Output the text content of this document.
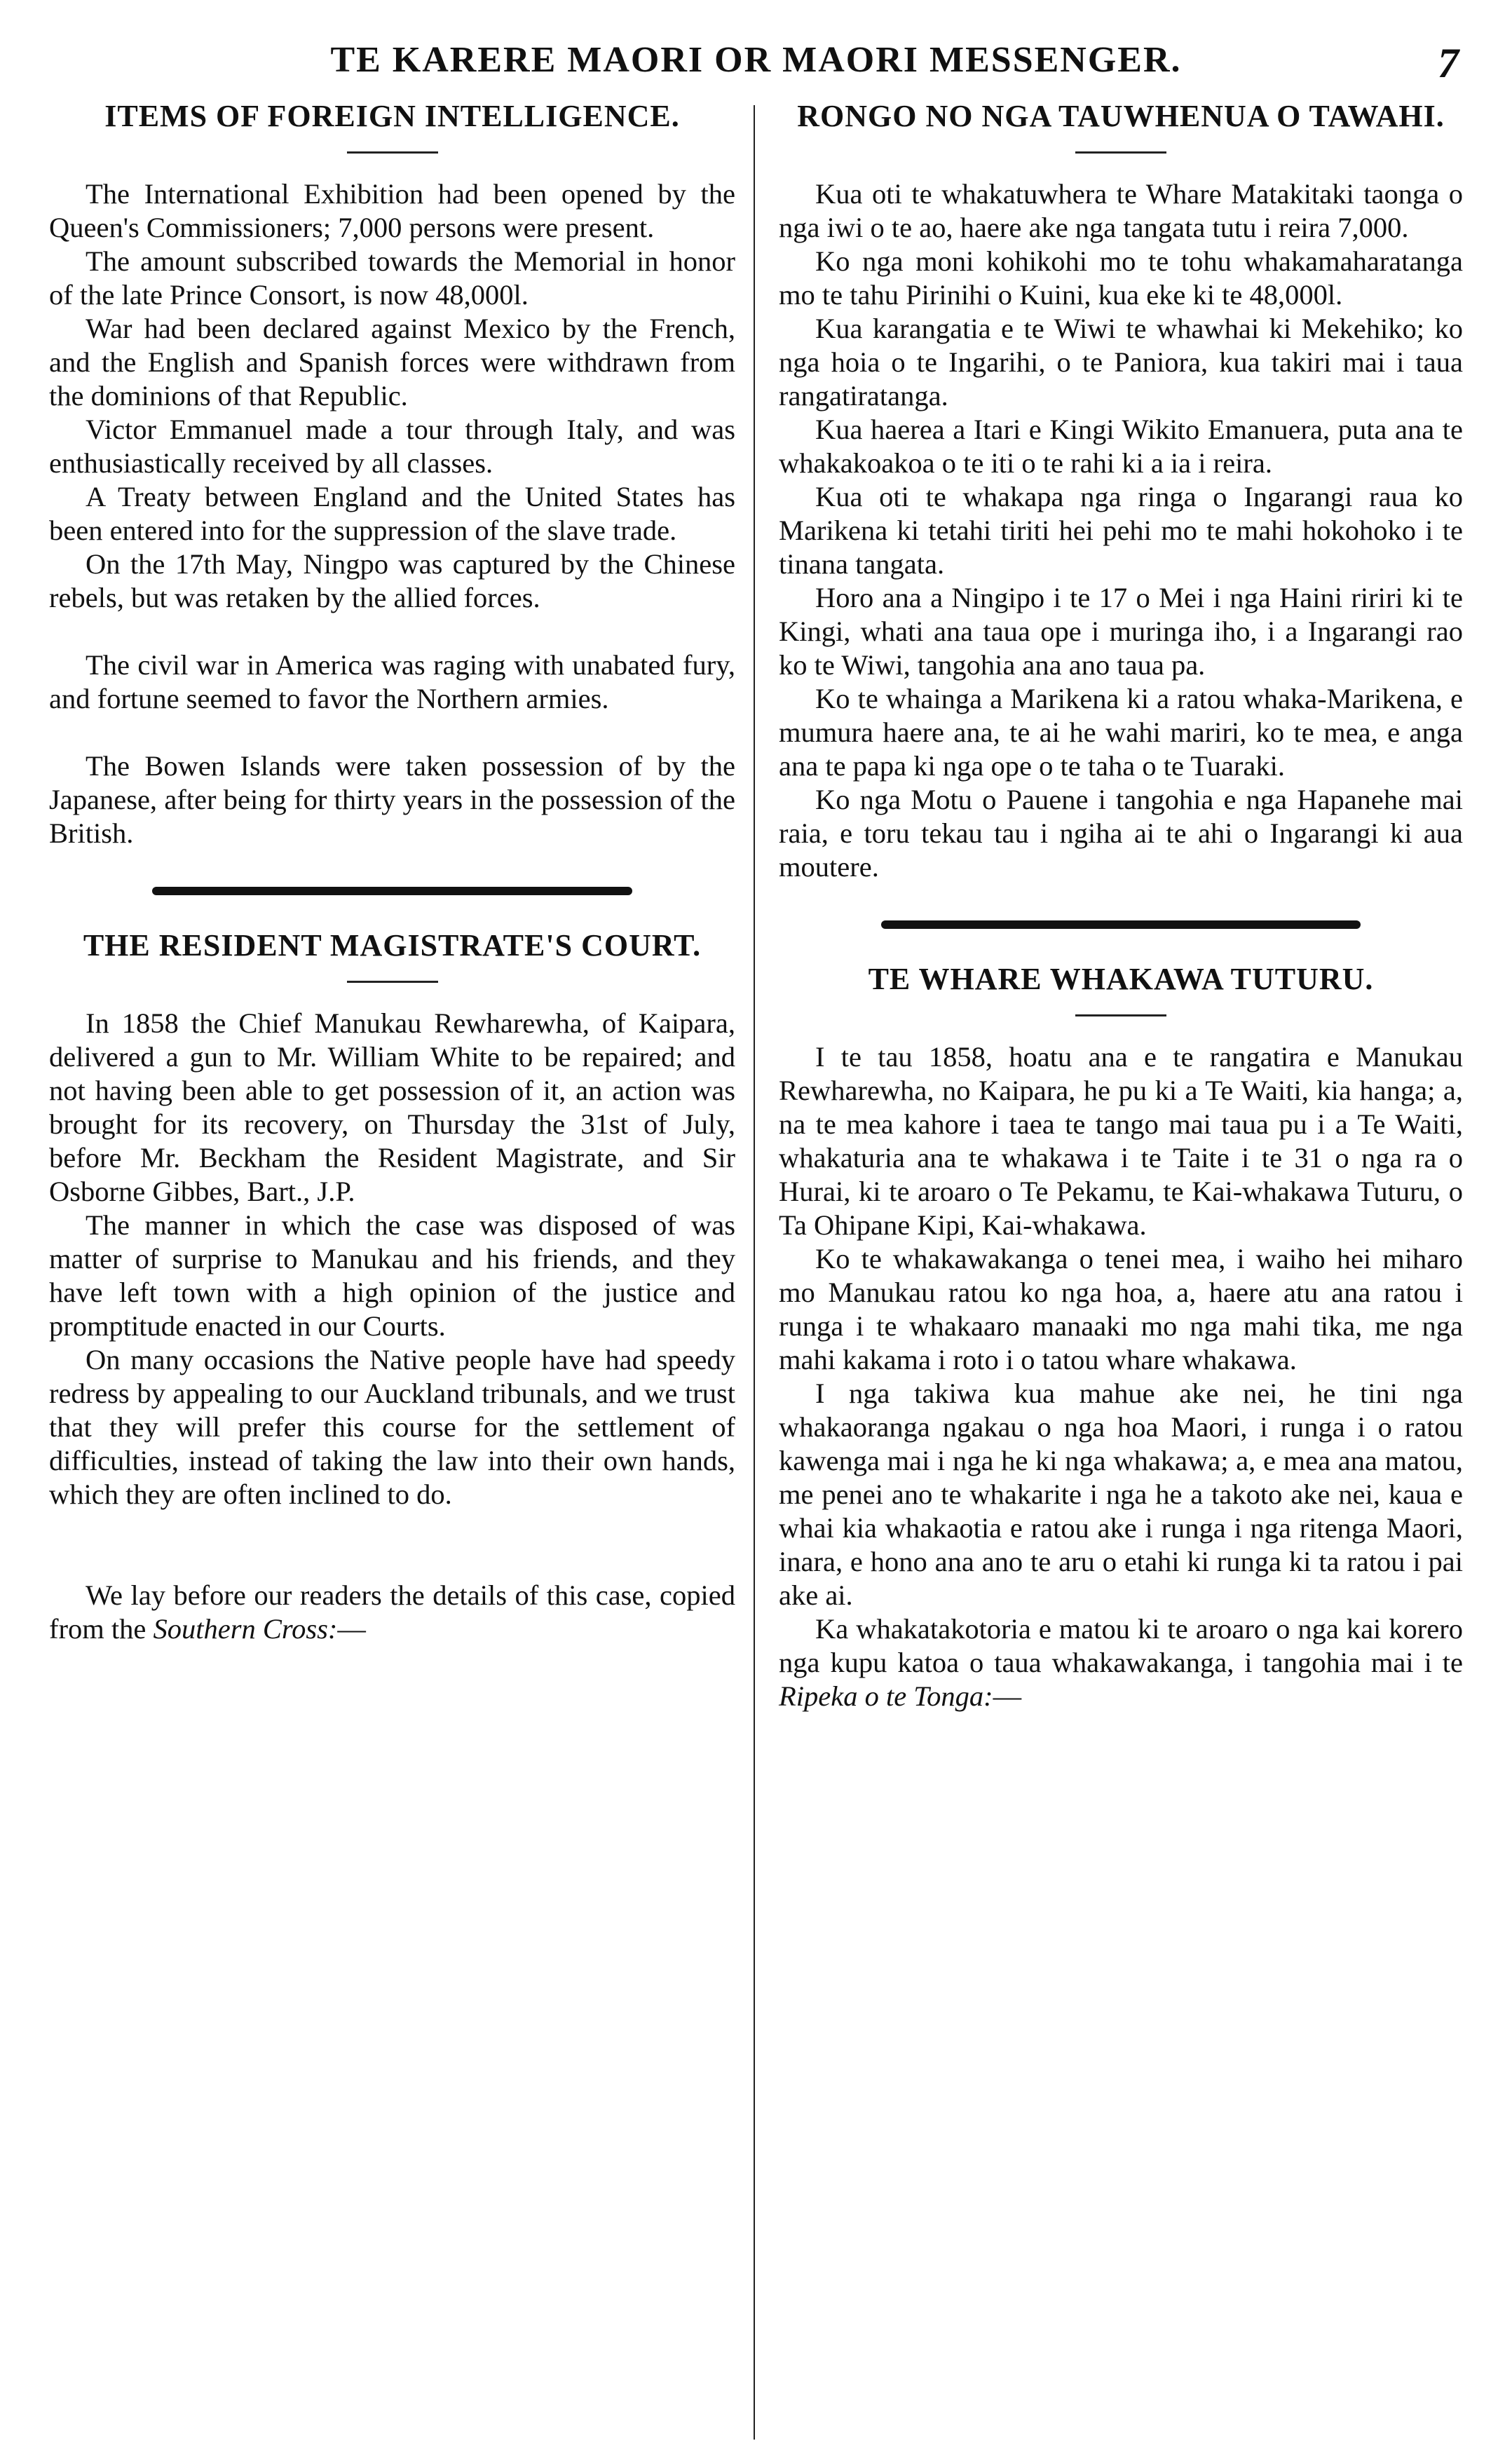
TE KARERE MAORI OR MAORI MESSENGER.	7
ITEMS OF FOREIGN INTELLIGENCE.

The International Exhibition had been opened by the Queen's Commissioners; 7,000 persons were present.

The amount subscribed towards the Memorial in honor of the late Prince Consort, is now 48,000l.

War had been declared against Mexico by the French, and the English and Spanish forces were withdrawn from the dominions of that Republic.

Victor Emmanuel made a tour through Italy, and was enthusiastically received by all classes.

A Treaty between England and the United States has been entered into for the suppression of the slave trade.

On the 17th May, Ningpo was captured by the Chinese rebels, but was retaken by the allied forces.

The civil war in America was raging with unabated fury, and fortune seemed to favor the Northern armies.

The Bowen Islands were taken possession of by the Japanese, after being for thirty years in the possession of the British.

THE RESIDENT MAGISTRATE'S COURT.

In 1858 the Chief Manukau Rewharewha, of Kaipara, delivered a gun to Mr. William White to be repaired; and not having been able to get possession of it, an action was brought for its recovery, on Thursday the 31st of July, before Mr. Beckham the Resident Magistrate, and Sir Osborne Gibbes, Bart., J.P.

The manner in which the case was disposed of was matter of surprise to Manukau and his friends, and they have left town with a high opinion of the justice and promptitude enacted in our Courts.

On many occasions the Native people have had speedy redress by appealing to our Auckland tribunals, and we trust that they will prefer this course for the settlement of difficulties, instead of taking the law into their own hands, which they are often inclined to do.

We lay before our readers the details of this case, copied from the Southern Cross:—

RONGO NO NGA TAUWHENUA O TAWAHI.

Kua oti te whakatuwhera te Whare Matakitaki taonga o nga iwi o te ao, haere ake nga tangata tutu i reira 7,000.

Ko nga moni kohikohi mo te tohu whakamaharatanga mo te tahu Pirinihi o Kuini, kua eke ki te 48,000l.

Kua karangatia e te Wiwi te whawhai ki Mekehiko; ko nga hoia o te Ingarihi, o te Paniora, kua takiri mai i taua rangatiratanga.

Kua haerea a Itari e Kingi Wikito Emanuera, puta ana te whakakoakoa o te iti o te rahi ki a ia i reira.

Kua oti te whakapa nga ringa o Ingarangi raua ko Marikena ki tetahi tiriti hei pehi mo te mahi hokohoko i te tinana tangata.

Horo ana a Ningipo i te 17 o Mei i nga Haini ririri ki te Kingi, whati ana taua ope i muringa iho, i a Ingarangi rao ko te Wiwi, tangohia ana ano taua pa.

Ko te whainga a Marikena ki a ratou whaka-Marikena, e mumura haere ana, te ai he wahi mariri, ko te mea, e anga ana te papa ki nga ope o te taha o te Tuaraki.

Ko nga Motu o Pauene i tangohia e nga Hapanehe mai raia, e toru tekau tau i ngiha ai te ahi o Ingarangi ki aua moutere.

TE WHARE WHAKAWA TUTURU.

I te tau 1858, hoatu ana e te rangatira e Manukau Rewharewha, no Kaipara, he pu ki a Te Waiti, kia hanga; a, na te mea kahore i taea te tango mai taua pu i a Te Waiti, whakaturia ana te whakawa i te Taite i te 31 o nga ra o Hurai, ki te aroaro o Te Pekamu, te Kai-whakawa Tuturu, o Ta Ohipane Kipi, Kai-whakawa.

Ko te whakawakanga o tenei mea, i waiho hei miharo mo Manukau ratou ko nga hoa, a, haere atu ana ratou i runga i te whakaaro manaaki mo nga mahi tika, me nga mahi kakama i roto i o tatou whare whakawa.

I nga takiwa kua mahue ake nei, he tini nga whakaoranga ngakau o nga hoa Maori, i runga i o ratou kawenga mai i nga he ki nga whakawa; a, e mea ana matou, me penei ano te whakarite i nga he a takoto ake nei, kaua e whai kia whakaotia e ratou ake i runga i nga ritenga Maori, inara, e hono ana ano te aru o etahi ki runga ki ta ratou i pai ake ai.

Ka whakatakotoria e matou ki te aroaro o nga kai korero nga kupu katoa o taua whakawakanga, i tangohia mai i te Ripeka o te Tonga:—
